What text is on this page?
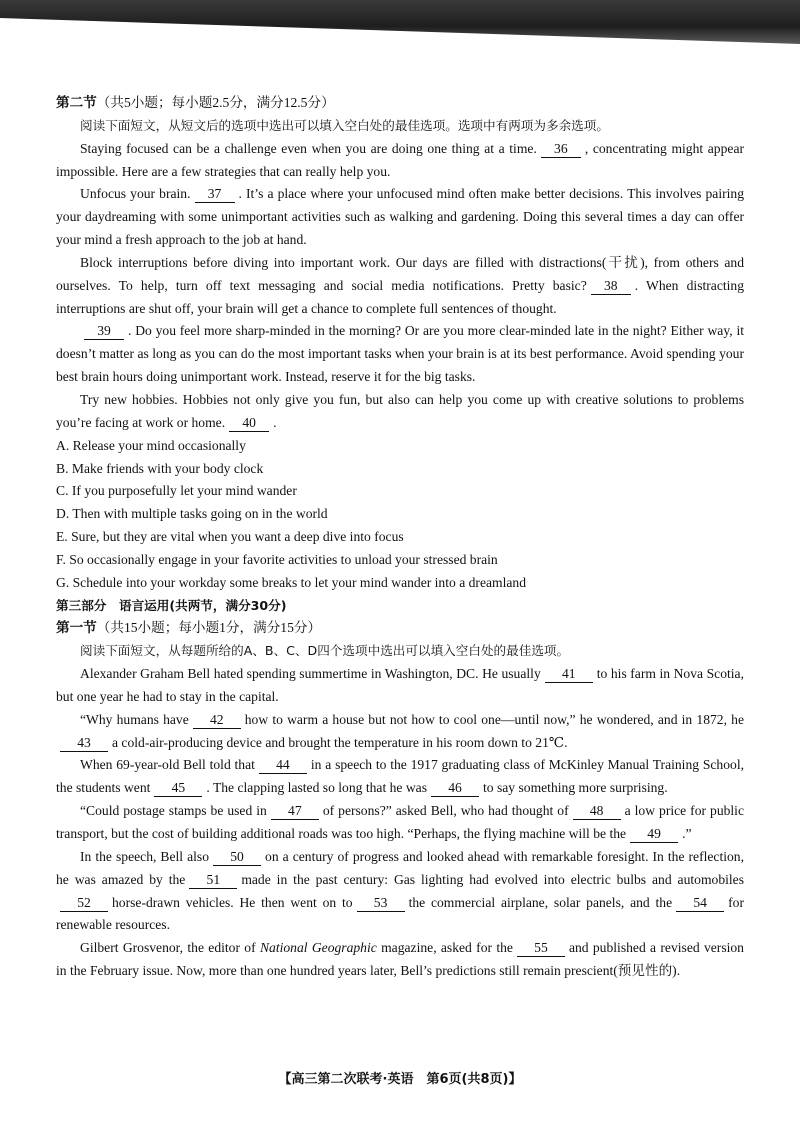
第二节（共5小题；每小题2.5分，满分12.5分）

阅读下面短文，从短文后的选项中选出可以填入空白处的最佳选项。选项中有两项为多余选项。

Staying focused can be a challenge even when you are doing one thing at a time. 36 , concentrating might appear impossible. Here are a few strategies that can really help you.

Unfocus your brain. 37 . It’s a place where your unfocused mind often make better decisions. This involves pairing your daydreaming with some unimportant activities such as walking and gardening. Doing this several times a day can offer your mind a fresh approach to the job at hand.

Block interruptions before diving into important work. Our days are filled with distractions(干扰), from others and ourselves. To help, turn off text messaging and social media notifications. Pretty basic? 38 . When distracting interruptions are shut off, your brain will get a chance to complete full sentences of thought.

39 . Do you feel more sharp-minded in the morning? Or are you more clear-minded late in the night? Either way, it doesn’t matter as long as you can do the most important tasks when your brain is at its best performance. Avoid spending your best brain hours doing unimportant work. Instead, reserve it for the big tasks.

Try new hobbies. Hobbies not only give you fun, but also can help you come up with creative solutions to problems you’re facing at work or home. 40 .

A. Release your mind occasionally

B. Make friends with your body clock

C. If you purposefully let your mind wander

D. Then with multiple tasks going on in the world

E. Sure, but they are vital when you want a deep dive into focus

F. So occasionally engage in your favorite activities to unload your stressed brain

G. Schedule into your workday some breaks to let your mind wander into a dreamland

第三部分　语言运用(共两节，满分30分)

第一节（共15小题；每小题1分，满分15分）

阅读下面短文，从每题所给的A、B、C、D四个选项中选出可以填入空白处的最佳选项。

Alexander Graham Bell hated spending summertime in Washington, DC. He usually 41 to his farm in Nova Scotia, but one year he had to stay in the capital.

“Why humans have 42 how to warm a house but not how to cool one—until now,” he wondered, and in 1872, he43 a cold-air-producing device and brought the temperature in his room down to 21℃.

When 69-year-old Bell told that 44 in a speech to the 1917 graduating class of McKinley Manual Training School, the students went 45 . The clapping lasted so long that he was 46 to say something more surprising.

“Could postage stamps be used in 47 of persons?” asked Bell, who had thought of 48 a low price for public transport, but the cost of building additional roads was too high. “Perhaps, the flying machine will be the 49 .”

In the speech, Bell also 50 on a century of progress and looked ahead with remarkable foresight. In the reflection, he was amazed by the 51 made in the past century: Gas lighting had evolved into electric bulbs and automobiles52 horse-drawn vehicles. He then went on to 53 the commercial airplane, solar panels, and the 54 for renewable resources.

Gilbert Grosvenor, the editor of National Geographic magazine, asked for the 55 and published a revised version in the February issue. Now, more than one hundred years later, Bell’s predictions still remain prescient(预见性的).

【高三第二次联考·英语　第6页(共8页)】
